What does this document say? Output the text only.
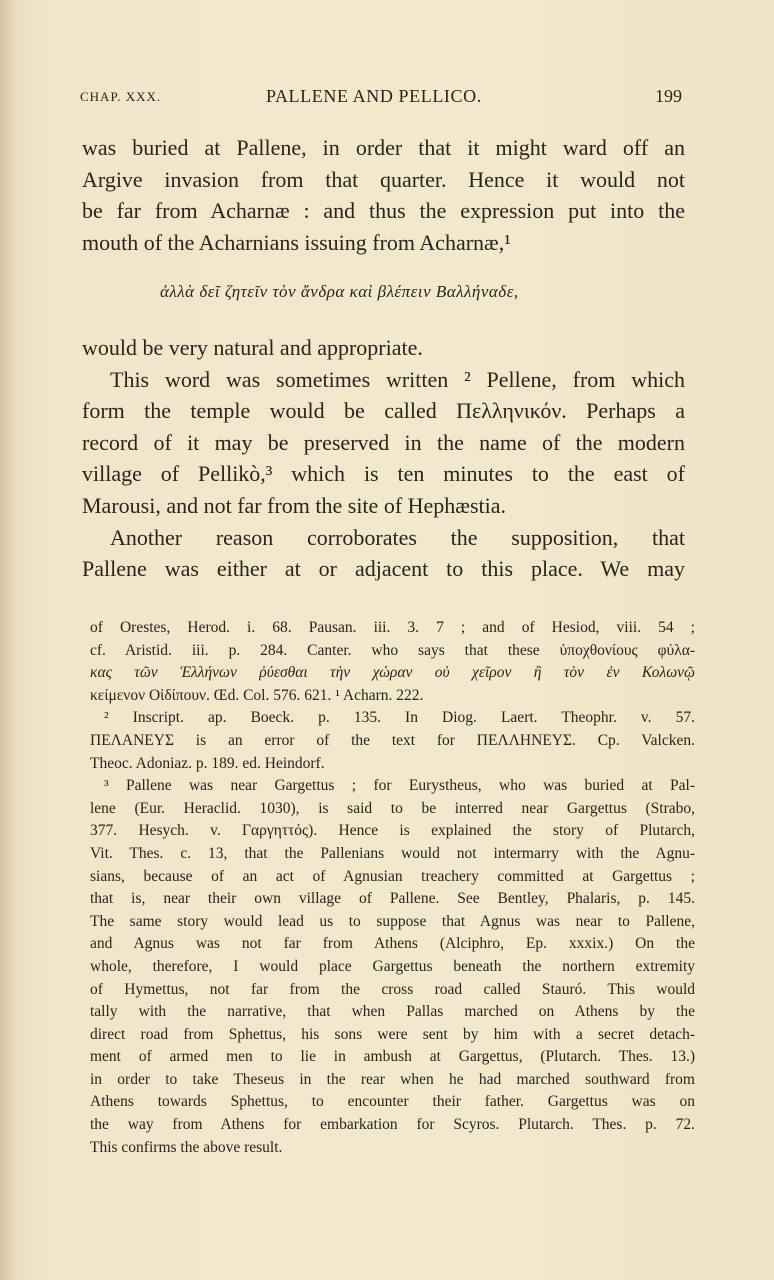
CHAP. XXX.	PALLENE AND PELLICO.	199

was buried at Pallene, in order that it might ward off an

Argive invasion from that quarter. Hence it would not

be far from Acharnæ : and thus the expression put into the

mouth of the Acharnians issuing from Acharnæ,¹

ἀλλὰ δεῖ ζητεῖν τὸν ἄνδρα καὶ βλέπειν Βαλλήναδε,

would be very natural and appropriate.

This word was sometimes written ² Pellene, from which

form the temple would be called Πελληνικόν. Perhaps a

record of it may be preserved in the name of the modern

village of Pellikò,³ which is ten minutes to the east of

Marousi, and not far from the site of Hephæstia.

Another reason corroborates the supposition, that

Pallene was either at or adjacent to this place. We may

of Orestes, Herod. i. 68. Pausan. iii. 3. 7 ; and of Hesiod, viii. 54 ;

cf. Aristid. iii. p. 284. Canter. who says that these ὑποχθονίους φύλα-

κας τῶν Ἑλλήνων ῥύεσθαι τὴν χώραν οὐ χεῖρον ἢ τὸν ἐν Κολωνῷ

κείμενον Οἰδίπουν. Œd. Col. 576. 621. ¹ Acharn. 222.

² Inscript. ap. Boeck. p. 135. In Diog. Laert. Theophr. v. 57.

ΠΕΛΑΝΕΥΣ is an error of the text for ΠΕΛΛΗΝΕΥΣ. Cp. Valcken.

Theoc. Adoniaz. p. 189. ed. Heindorf.

³ Pallene was near Gargettus ; for Eurystheus, who was buried at Pal-

lene (Eur. Heraclid. 1030), is said to be interred near Gargettus (Strabo,

377. Hesych. v. Γαργηττός). Hence is explained the story of Plutarch,

Vit. Thes. c. 13, that the Pallenians would not intermarry with the Agnu-

sians, because of an act of Agnusian treachery committed at Gargettus ;

that is, near their own village of Pallene. See Bentley, Phalaris, p. 145.

The same story would lead us to suppose that Agnus was near to Pallene,

and Agnus was not far from Athens (Alciphro, Ep. xxxix.) On the

whole, therefore, I would place Gargettus beneath the northern extremity

of Hymettus, not far from the cross road called Stauró. This would

tally with the narrative, that when Pallas marched on Athens by the

direct road from Sphettus, his sons were sent by him with a secret detach-

ment of armed men to lie in ambush at Gargettus, (Plutarch. Thes. 13.)

in order to take Theseus in the rear when he had marched southward from

Athens towards Sphettus, to encounter their father. Gargettus was on

the way from Athens for embarkation for Scyros. Plutarch. Thes. p. 72.

This confirms the above result.
